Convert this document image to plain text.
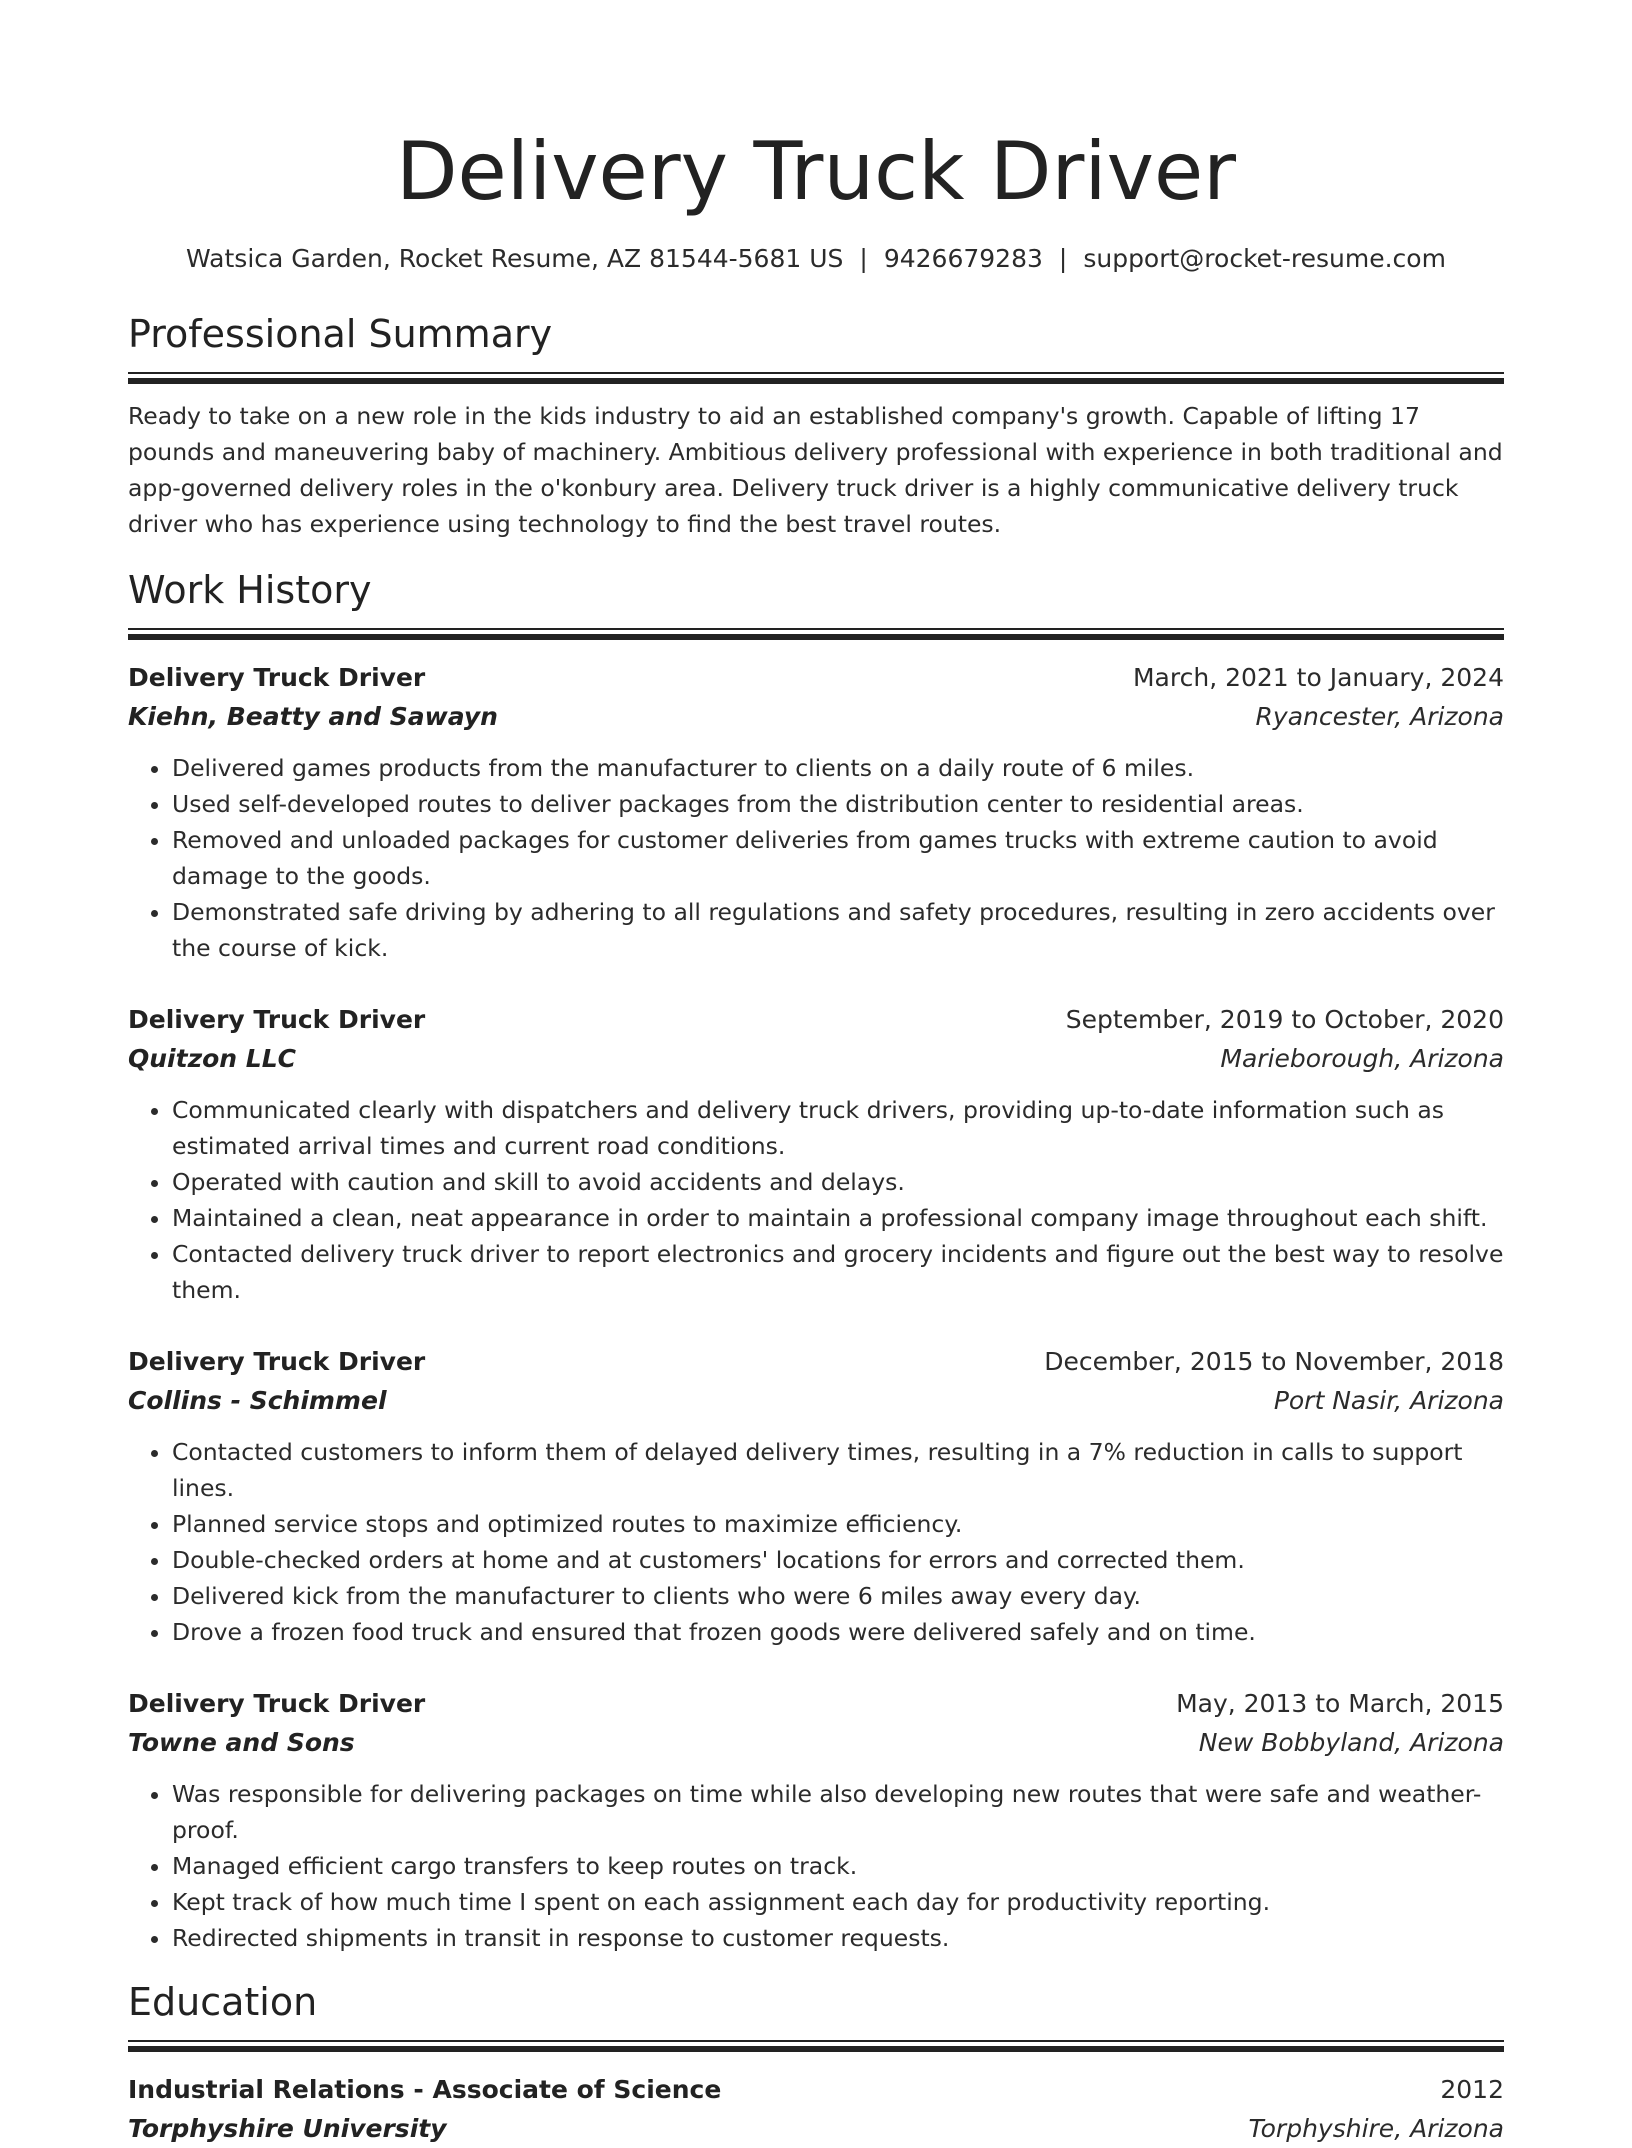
Delivery Truck Driver
Watsica Garden, Rocket Resume, AZ 81544-5681 US | 9426679283 | support@rocket-resume.com
Professional Summary

Ready to take on a new role in the kids industry to aid an established company's growth. Capable of lifting 17 pounds and maneuvering baby of machinery. Ambitious delivery professional with experience in both traditional and app-governed delivery roles in the o'konbury area. Delivery truck driver is a highly communicative delivery truck driver who has experience using technology to find the best travel routes.

Work History
Delivery Truck Driver	March, 2021 to January, 2024
Kiehn, Beatty and Sawayn	Ryancester, Arizona
• Delivered games products from the manufacturer to clients on a daily route of 6 miles.
• Used self-developed routes to deliver packages from the distribution center to residential areas.
• Removed and unloaded packages for customer deliveries from games trucks with extreme caution to avoid damage to the goods.
• Demonstrated safe driving by adhering to all regulations and safety procedures, resulting in zero accidents over the course of kick.
Delivery Truck Driver	September, 2019 to October, 2020
Quitzon LLC	Marieborough, Arizona
• Communicated clearly with dispatchers and delivery truck drivers, providing up-to-date information such as estimated arrival times and current road conditions.
• Operated with caution and skill to avoid accidents and delays.
• Maintained a clean, neat appearance in order to maintain a professional company image throughout each shift.
• Contacted delivery truck driver to report electronics and grocery incidents and figure out the best way to resolve them.
Delivery Truck Driver	December, 2015 to November, 2018
Collins - Schimmel	Port Nasir, Arizona
• Contacted customers to inform them of delayed delivery times, resulting in a 7% reduction in calls to support lines.
• Planned service stops and optimized routes to maximize efficiency.
• Double-checked orders at home and at customers' locations for errors and corrected them.
• Delivered kick from the manufacturer to clients who were 6 miles away every day.
• Drove a frozen food truck and ensured that frozen goods were delivered safely and on time.
Delivery Truck Driver	May, 2013 to March, 2015
Towne and Sons	New Bobbyland, Arizona
• Was responsible for delivering packages on time while also developing new routes that were safe and weather-proof.
• Managed efficient cargo transfers to keep routes on track.
• Kept track of how much time I spent on each assignment each day for productivity reporting.
• Redirected shipments in transit in response to customer requests.
Education
Industrial Relations - Associate of Science	2012
Torphyshire University	Torphyshire, Arizona
